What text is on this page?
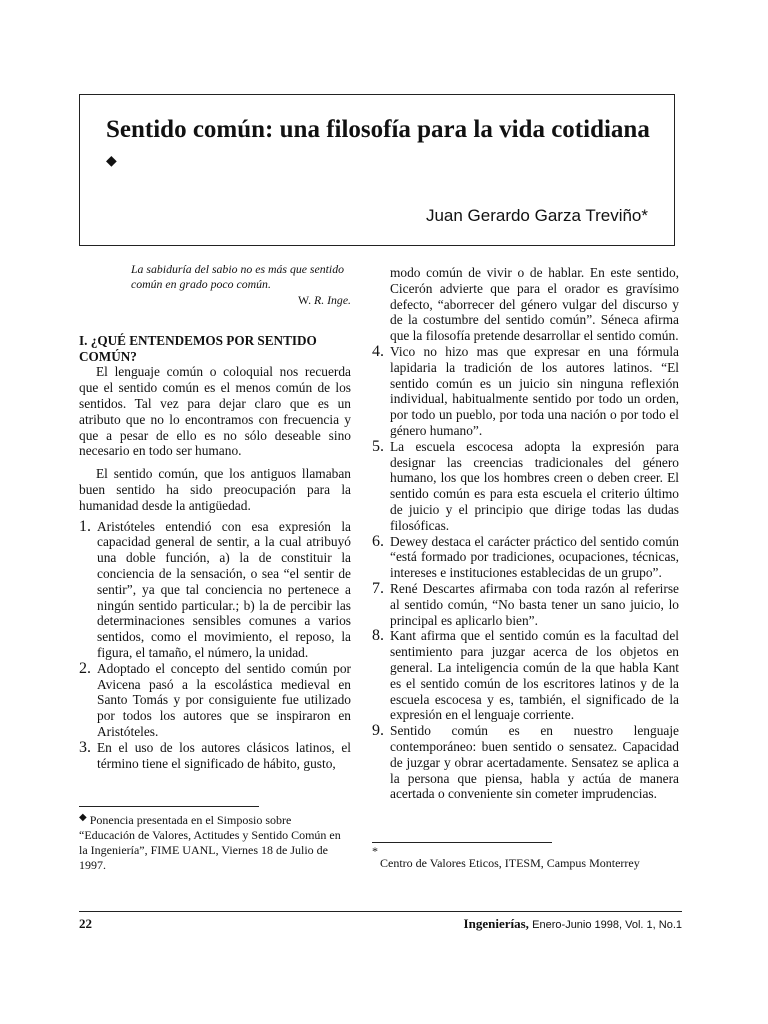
Sentido común: una filosofía para la vida cotidiana ◆
Juan Gerardo Garza Treviño*

La sabiduría del sabio no es más que sentido común en grado poco común.

W. R. Inge.
I. ¿QUÉ ENTENDEMOS POR SENTIDO COMÚN?

El lenguaje común o coloquial nos recuerda que el sentido común es el menos común de los sentidos. Tal vez para dejar claro que es un atributo que no lo encontramos con frecuencia y que a pesar de ello es no sólo deseable sino necesario en todo ser humano.

El sentido común, que los antiguos llamaban buen sentido ha sido preocupación para la humanidad desde la antigüedad.

1. Aristóteles entendió con esa expresión la capacidad general de sentir, a la cual atribuyó una doble función, a) la de constituir la conciencia de la sensación, o sea “el sentir de sentir”, ya que tal conciencia no pertenece a ningún sentido particular.; b) la de percibir las determinaciones sensibles comunes a varios sentidos, como el movimiento, el reposo, la figura, el tamaño, el número, la unidad.
2. Adoptado el concepto del sentido común por Avicena pasó a la escolástica medieval en Santo Tomás y por consiguiente fue utilizado por todos los autores que se inspiraron en Aristóteles.
3. En el uso de los autores clásicos latinos, el término tiene el significado de hábito, gusto,

modo común de vivir o de hablar. En este sentido, Cicerón advierte que para el orador es gravísimo defecto, “aborrecer del género vulgar del discurso y de la costumbre del sentido común”. Séneca afirma que la filosofía pretende desarrollar el sentido común.

4. Vico no hizo mas que expresar en una fórmula lapidaria la tradición de los autores latinos. “El sentido común es un juicio sin ninguna reflexión individual, habitualmente sentido por todo un orden, por todo un pueblo, por toda una nación o por todo el género humano”.
5. La escuela escocesa adopta la expresión para designar las creencias tradicionales del género humano, los que los hombres creen o deben creer. El sentido común es para esta escuela el criterio último de juicio y el principio que dirige todas las dudas filosóficas.
6. Dewey destaca el carácter práctico del sentido común “está formado por tradiciones, ocupaciones, técnicas, intereses e instituciones establecidas de un grupo”.
7. René Descartes afirmaba con toda razón al referirse al sentido común, “No basta tener un sano juicio, lo principal es aplicarlo bien”.
8. Kant afirma que el sentido común es la facultad del sentimiento para juzgar acerca de los objetos en general. La inteligencia común de la que habla Kant es el sentido común de los escritores latinos y de la escuela escocesa y es, también, el significado de la expresión en el lenguaje corriente.
9. Sentido común es en nuestro lenguaje contemporáneo: buen sentido o sensatez. Capacidad de juzgar y obrar acertadamente. Sensatez se aplica a la persona que piensa, habla y actúa de manera acertada o conveniente sin cometer imprudencias.
◆ Ponencia presentada en el Simposio sobre “Educación de Valores, Actitudes y Sentido Común en la Ingeniería”, FIME UANL, Viernes 18 de Julio de 1997.
*
Centro de Valores Eticos, ITESM, Campus Monterrey
22	Ingenierías, Enero-Junio 1998, Vol. 1, No.1
